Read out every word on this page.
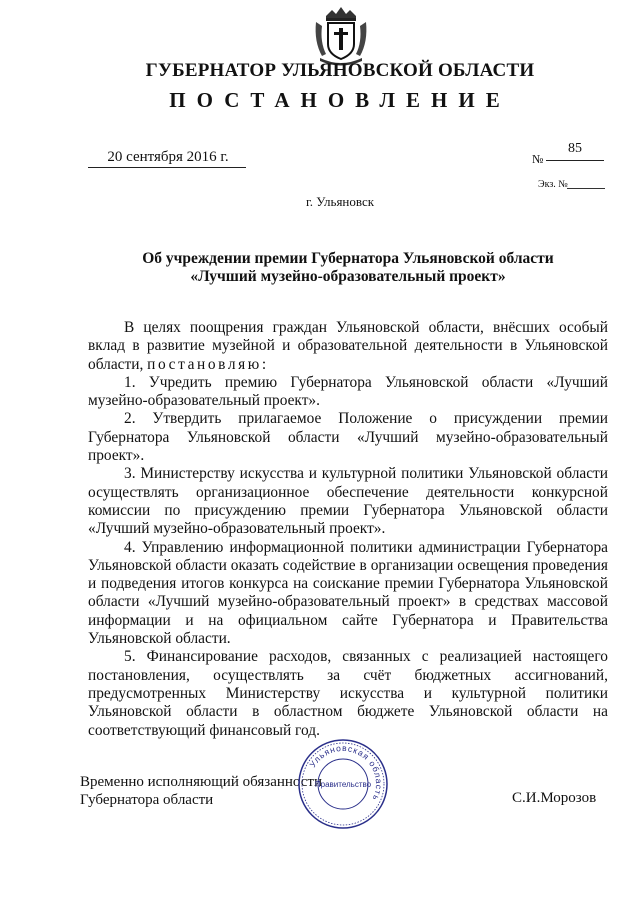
ГУБЕРНАТОР УЛЬЯНОВСКОЙ ОБЛАСТИ
ПОСТАНОВЛЕНИЕ
20 сентября 2016 г.	№
85
Экз. №
г. Ульяновск
Об учреждении премии Губернатора Ульяновской области
«Лучший музейно-образовательный проект»

В целях поощрения граждан Ульяновской области, внёсших особый вклад в развитие музейной и образовательной деятельности в Ульяновской области, постановляю:

1. Учредить премию Губернатора Ульяновской области «Лучший музейно-образовательный проект».

2. Утвердить прилагаемое Положение о присуждении премии Губернатора Ульяновской области «Лучший музейно-образовательный проект».

3. Министерству искусства и культурной политики Ульяновской области осуществлять организационное обеспечение деятельности конкурсной комиссии по присуждению премии Губернатора Ульяновской области «Лучший музейно-образовательный проект».

4. Управлению информационной политики администрации Губернатора Ульяновской области оказать содействие в организации освещения проведения и подведения итогов конкурса на соискание премии Губернатора Ульяновской области «Лучший музейно-образовательный проект» в средствах массовой информации и на официальном сайте Губернатора и Правительства Ульяновской области.

5. Финансирование расходов, связанных с реализацией настоящего постановления, осуществлять за счёт бюджетных ассигнований, предусмотренных Министерству искусства и культурной политики Ульяновской области в областном бюджете Ульяновской области на соответствующий финансовый год.

Временно исполняющий обязанности
Губернатора области	С.И.Морозов
Ульяновская область
Правительство
